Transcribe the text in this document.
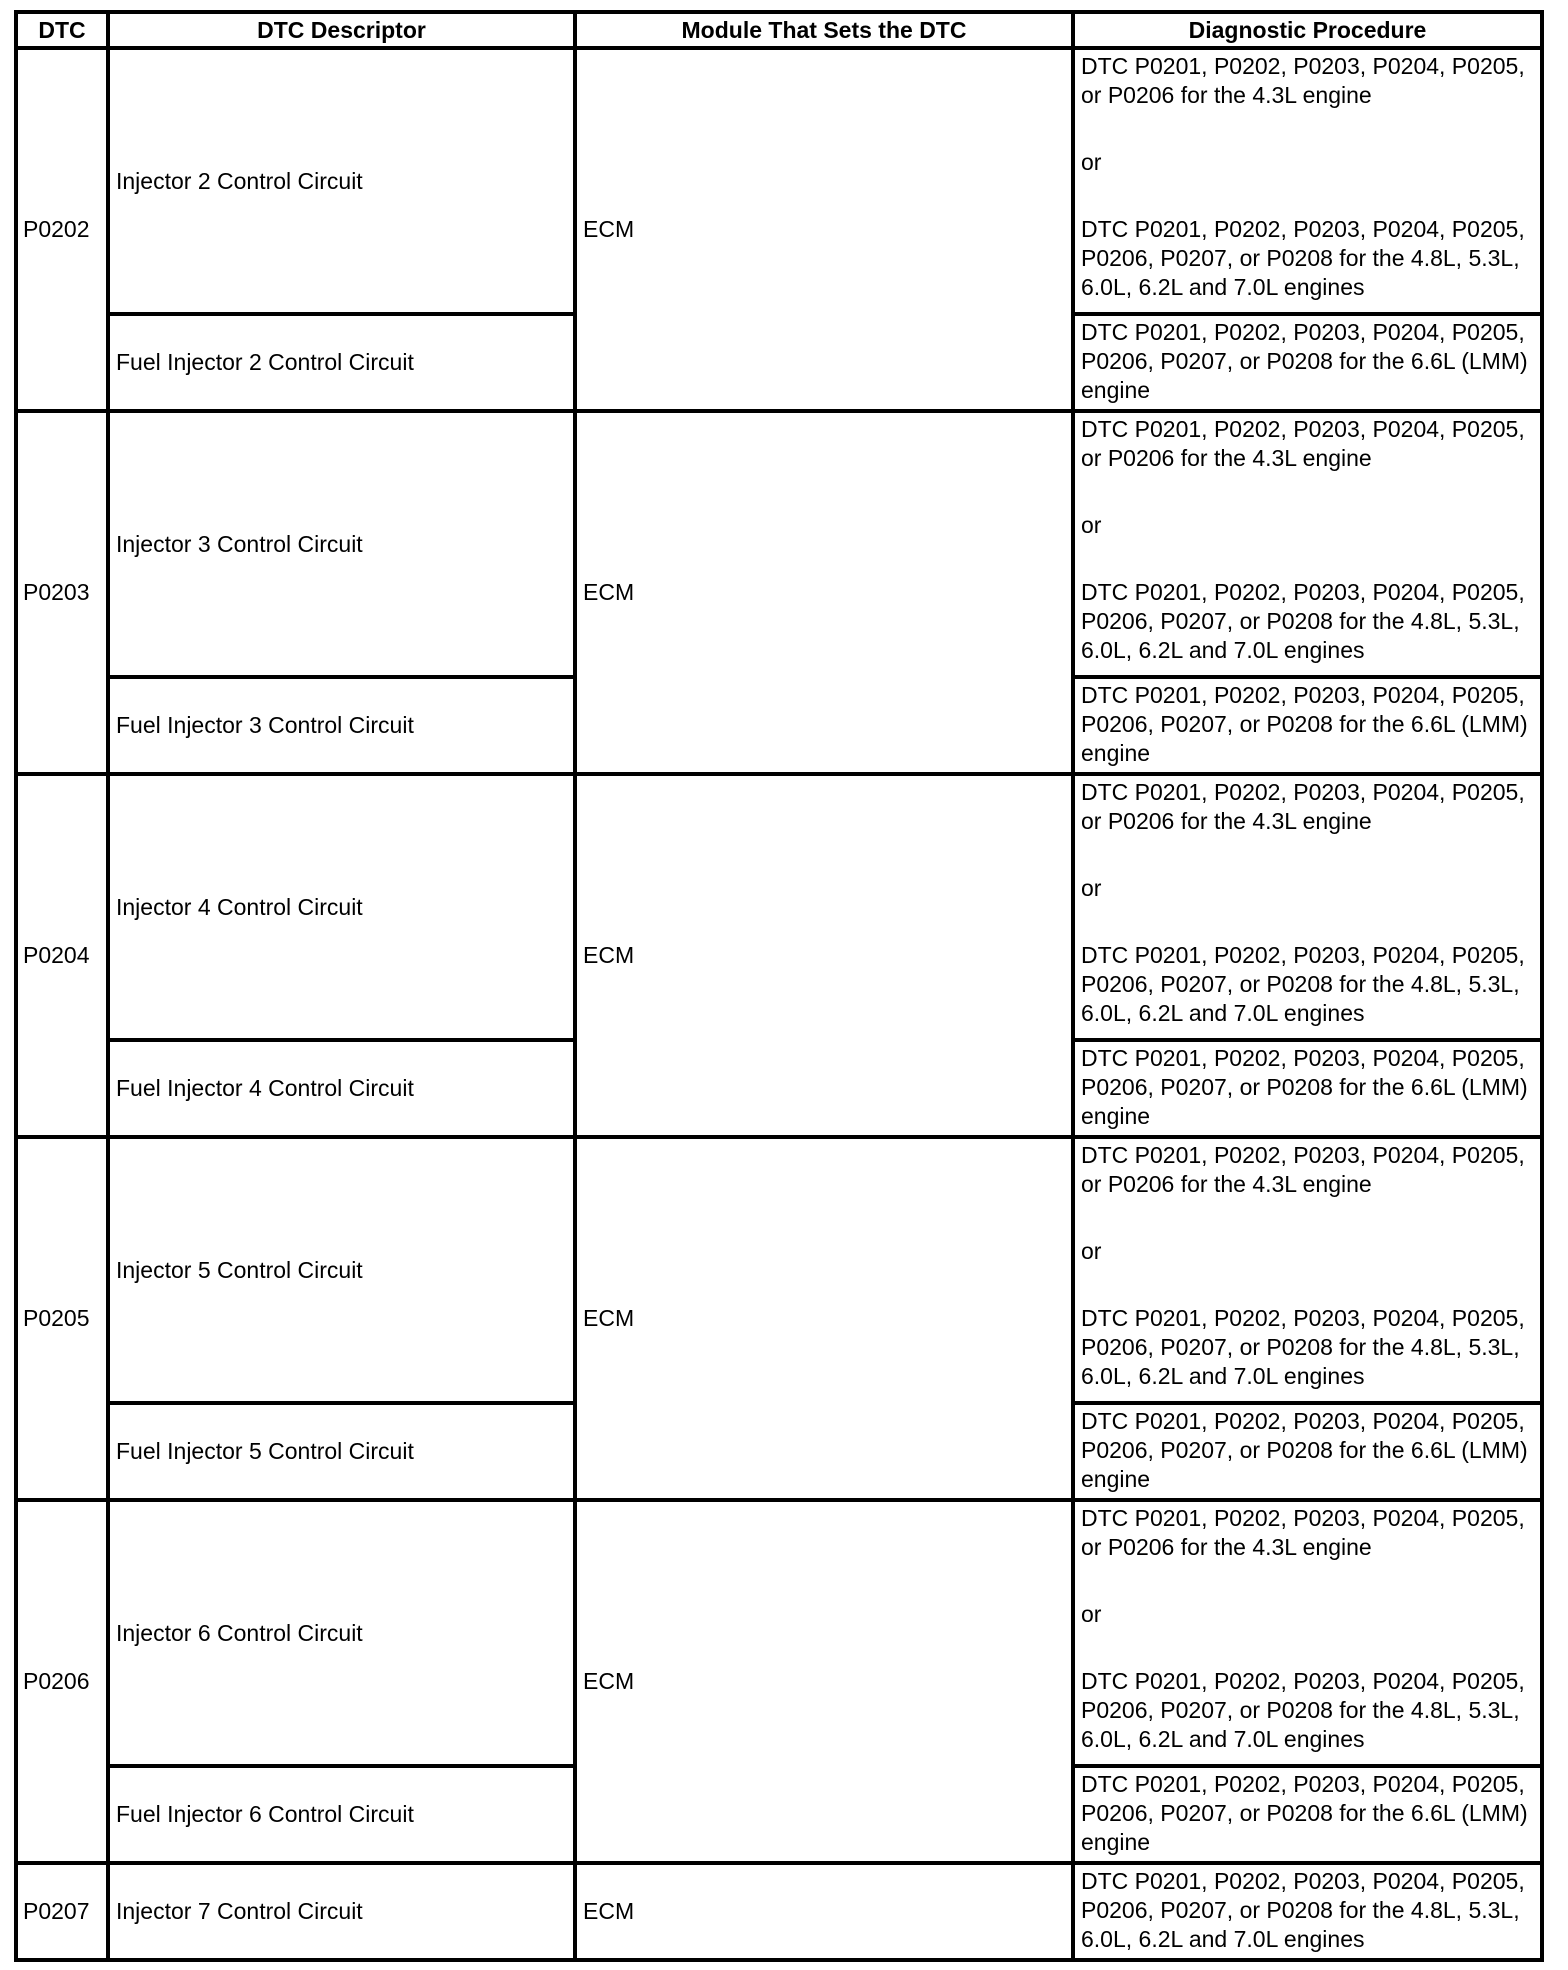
DTC	DTC Descriptor	Module That Sets the DTC	Diagnostic Procedure
P0202	Injector 2 Control Circuit	ECM	DTC P0201, P0202, P0203, P0204, P0205, or P0206 for the 4.3L engine

or

DTC P0201, P0202, P0203, P0204, P0205, P0206, P0207, or P0208 for the 4.8L, 5.3L, 6.0L, 6.2L and 7.0L engines

	Fuel Injector 2 Control Circuit		DTC P0201, P0202, P0203, P0204, P0205, P0206, P0207, or P0208 for the 6.6L (LMM) engine
P0203	Injector 3 Control Circuit	ECM	DTC P0201, P0202, P0203, P0204, P0205, or P0206 for the 4.3L engine

or

DTC P0201, P0202, P0203, P0204, P0205, P0206, P0207, or P0208 for the 4.8L, 5.3L, 6.0L, 6.2L and 7.0L engines

	Fuel Injector 3 Control Circuit		DTC P0201, P0202, P0203, P0204, P0205, P0206, P0207, or P0208 for the 6.6L (LMM) engine
P0204	Injector 4 Control Circuit	ECM	DTC P0201, P0202, P0203, P0204, P0205, or P0206 for the 4.3L engine

or

DTC P0201, P0202, P0203, P0204, P0205, P0206, P0207, or P0208 for the 4.8L, 5.3L, 6.0L, 6.2L and 7.0L engines

	Fuel Injector 4 Control Circuit		DTC P0201, P0202, P0203, P0204, P0205, P0206, P0207, or P0208 for the 6.6L (LMM) engine
P0205	Injector 5 Control Circuit	ECM	DTC P0201, P0202, P0203, P0204, P0205, or P0206 for the 4.3L engine

or

DTC P0201, P0202, P0203, P0204, P0205, P0206, P0207, or P0208 for the 4.8L, 5.3L, 6.0L, 6.2L and 7.0L engines

	Fuel Injector 5 Control Circuit		DTC P0201, P0202, P0203, P0204, P0205, P0206, P0207, or P0208 for the 6.6L (LMM) engine
P0206	Injector 6 Control Circuit	ECM	DTC P0201, P0202, P0203, P0204, P0205, or P0206 for the 4.3L engine

or

DTC P0201, P0202, P0203, P0204, P0205, P0206, P0207, or P0208 for the 4.8L, 5.3L, 6.0L, 6.2L and 7.0L engines

	Fuel Injector 6 Control Circuit		DTC P0201, P0202, P0203, P0204, P0205, P0206, P0207, or P0208 for the 6.6L (LMM) engine
P0207	Injector 7 Control Circuit	ECM	DTC P0201, P0202, P0203, P0204, P0205, P0206, P0207, or P0208 for the 4.8L, 5.3L, 6.0L, 6.2L and 7.0L engines
